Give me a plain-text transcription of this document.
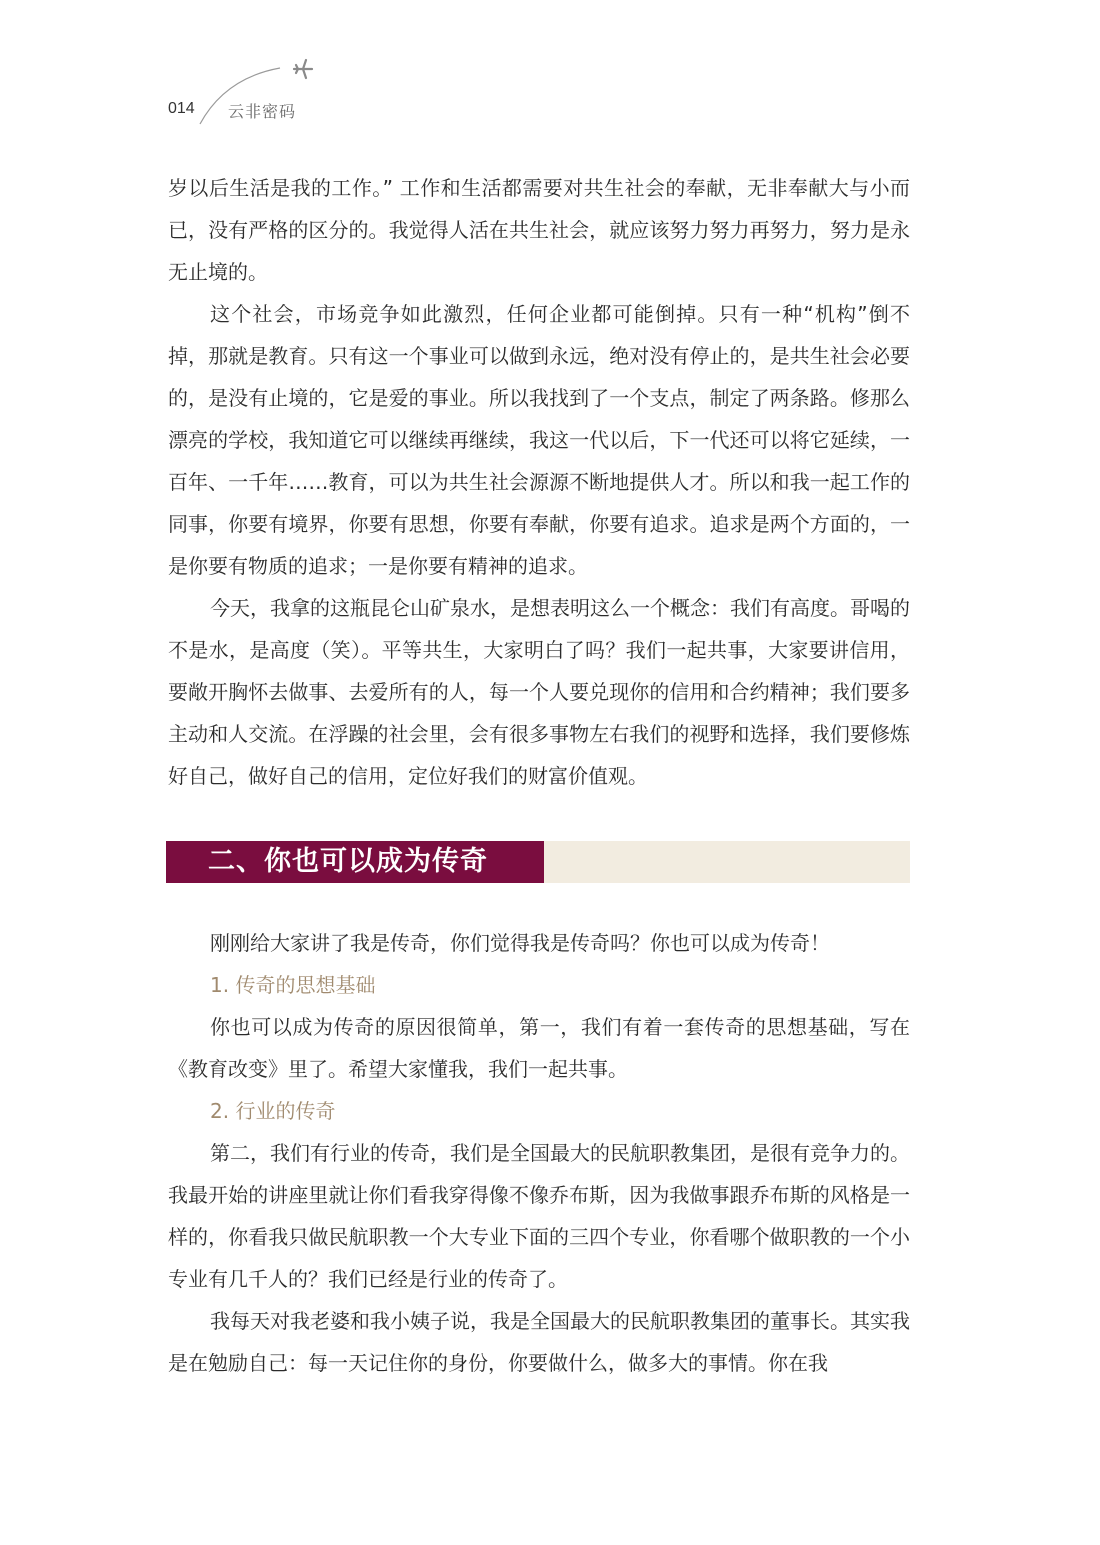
014 云非密码

岁以后生活是我的工作。” 工作和生活都需要对共生社会的奉献，无非奉献大与小而已，没有严格的区分的。我觉得人活在共生社会，就应该努力努力再努力，努力是永无止境的。

这个社会，市场竞争如此激烈，任何企业都可能倒掉。只有一种“机构”倒不掉，那就是教育。只有这一个事业可以做到永远，绝对没有停止的，是共生社会必要的，是没有止境的，它是爱的事业。所以我找到了一个支点，制定了两条路。修那么漂亮的学校，我知道它可以继续再继续，我这一代以后，下一代还可以将它延续，一百年、一千年……教育，可以为共生社会源源不断地提供人才。所以和我一起工作的同事，你要有境界，你要有思想，你要有奉献，你要有追求。追求是两个方面的，一是你要有物质的追求；一是你要有精神的追求。

今天，我拿的这瓶昆仑山矿泉水，是想表明这么一个概念：我们有高度。哥喝的不是水，是高度（笑）。平等共生，大家明白了吗？我们一起共事，大家要讲信用，要敞开胸怀去做事、去爱所有的人，每一个人要兑现你的信用和合约精神；我们要多主动和人交流。在浮躁的社会里，会有很多事物左右我们的视野和选择，我们要修炼好自己，做好自己的信用，定位好我们的财富价值观。

二、你也可以成为传奇

刚刚给大家讲了我是传奇，你们觉得我是传奇吗？你也可以成为传奇！

1. 传奇的思想基础

你也可以成为传奇的原因很简单，第一，我们有着一套传奇的思想基础，写在《教育改变》里了。希望大家懂我，我们一起共事。

2. 行业的传奇

第二，我们有行业的传奇，我们是全国最大的民航职教集团，是很有竞争力的。我最开始的讲座里就让你们看我穿得像不像乔布斯，因为我做事跟乔布斯的风格是一样的，你看我只做民航职教一个大专业下面的三四个专业，你看哪个做职教的一个小专业有几千人的？我们已经是行业的传奇了。

我每天对我老婆和我小姨子说，我是全国最大的民航职教集团的董事长。其实我是在勉励自己：每一天记住你的身份，你要做什么，做多大的事情。你在我
